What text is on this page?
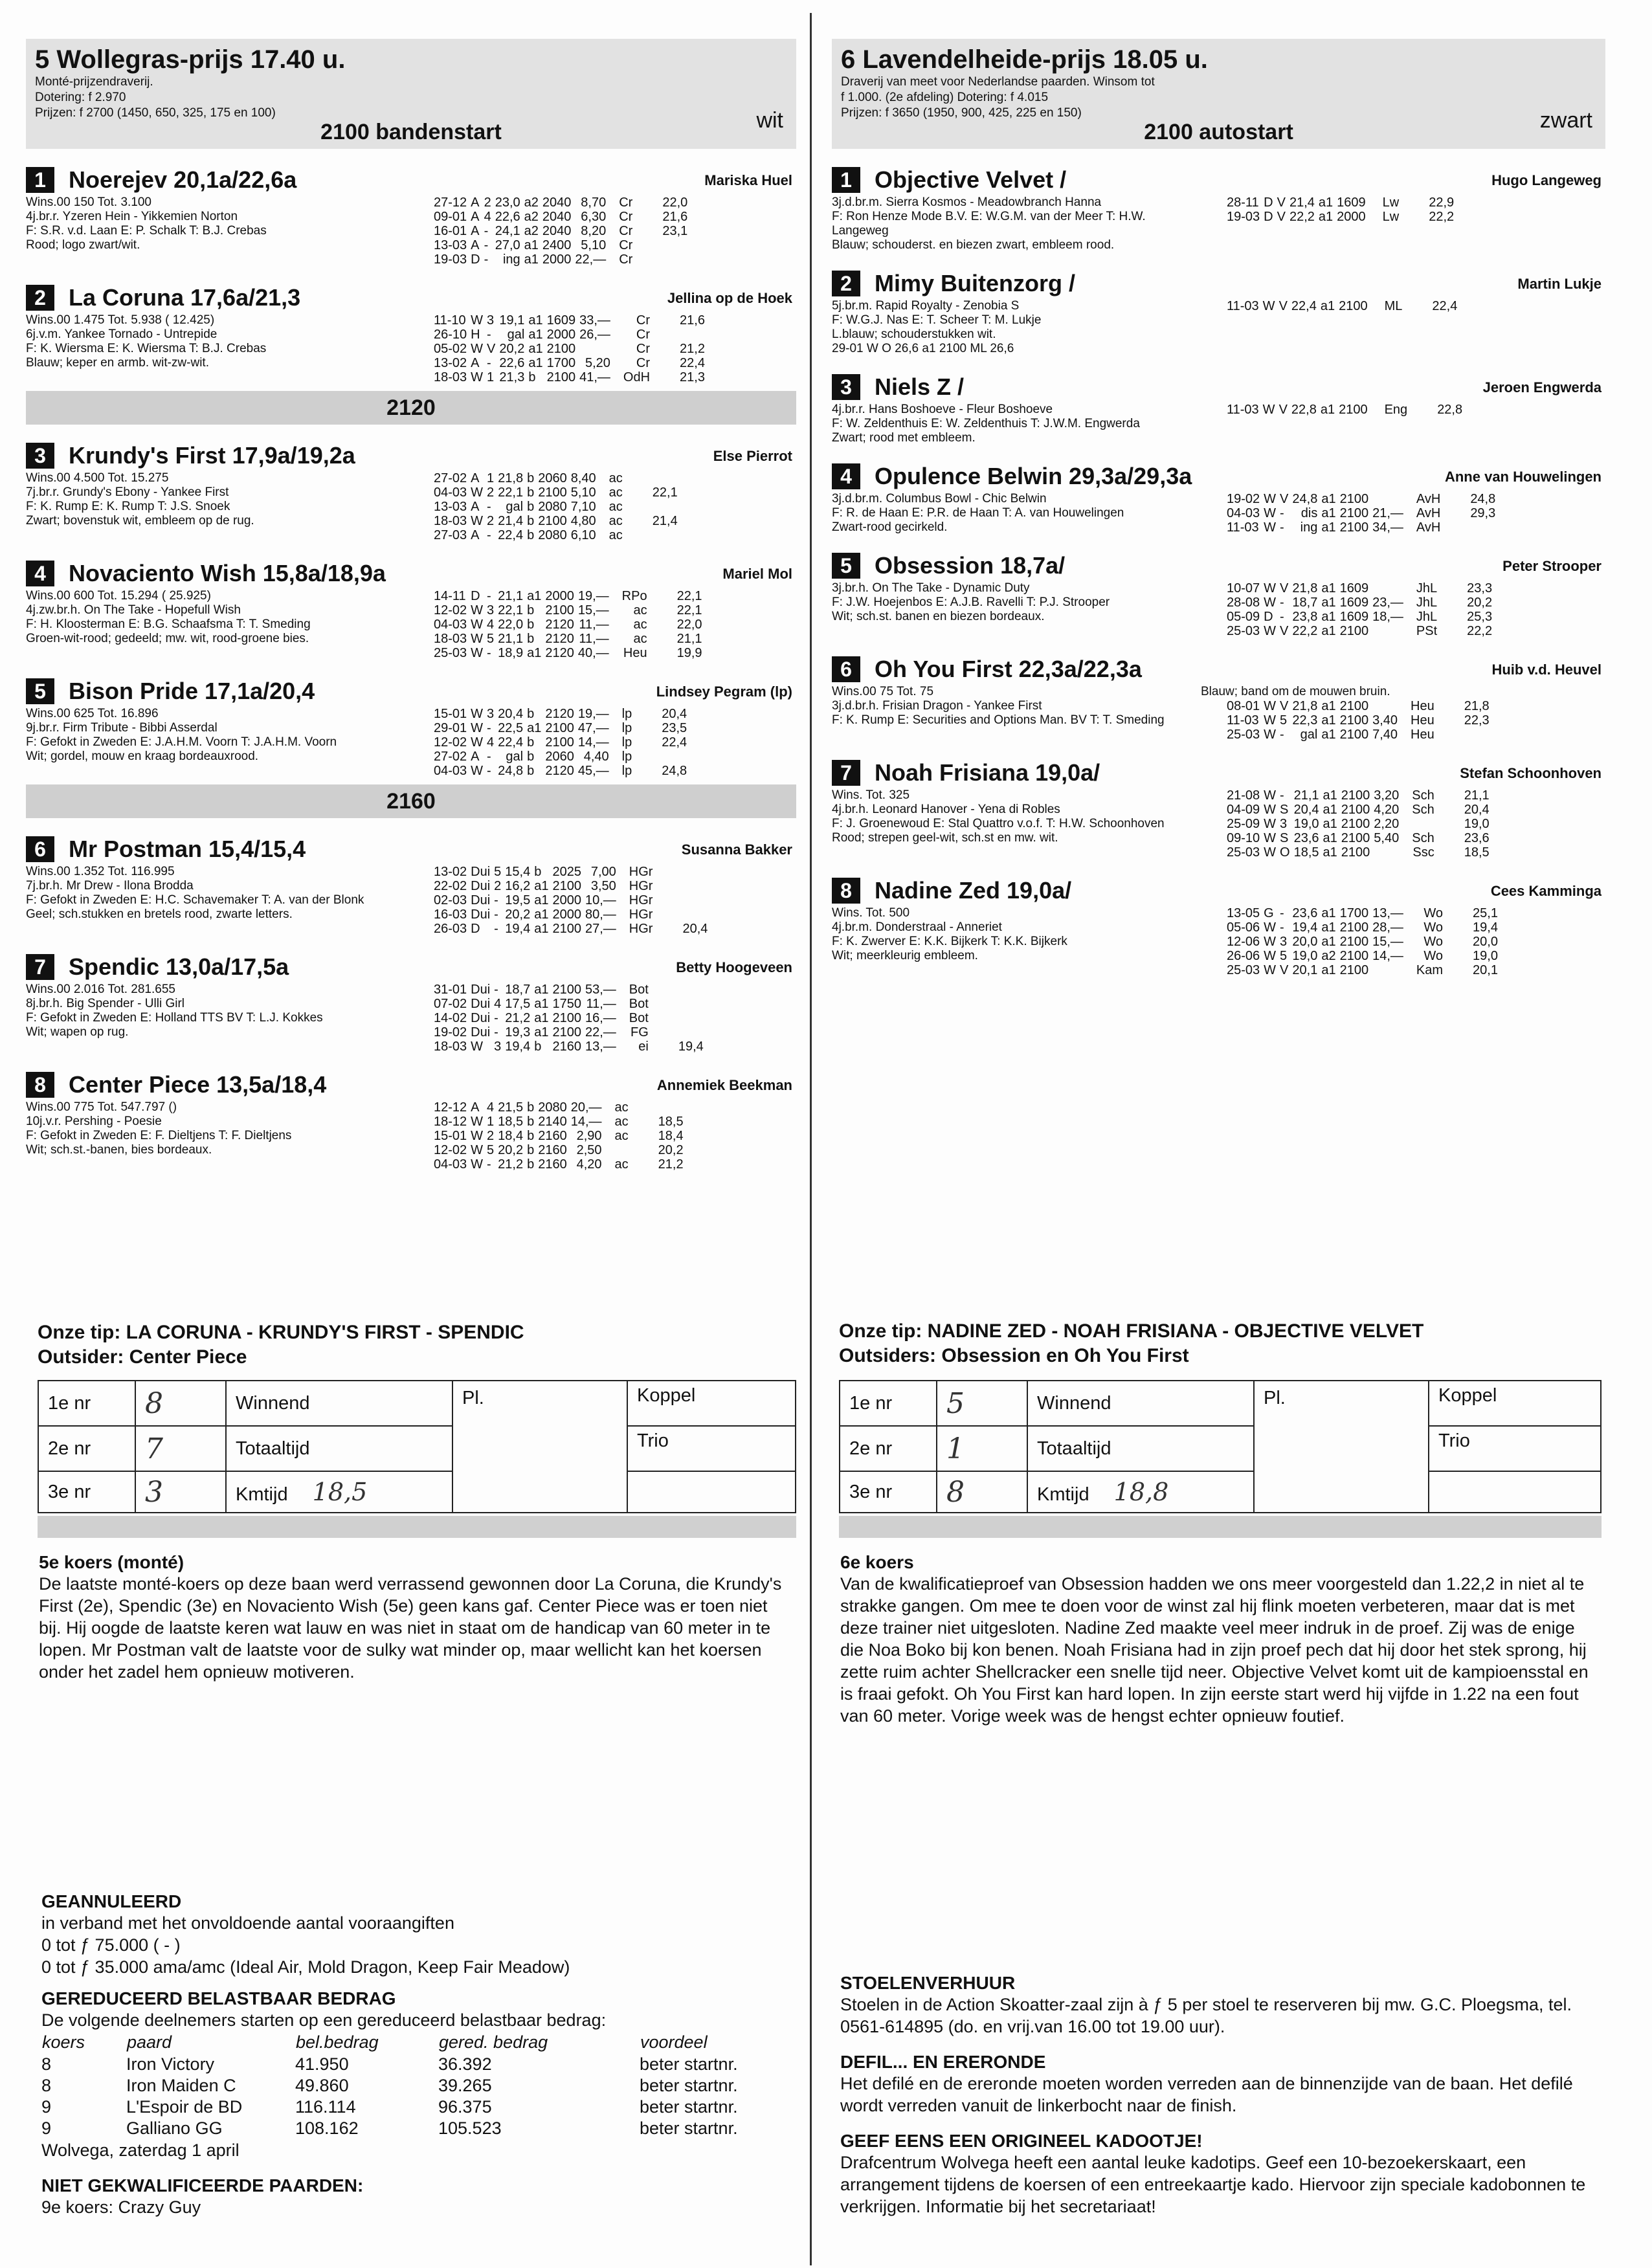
5 Wollegras-prijs 17.40 u.
Monté-prijzendraverij.
Dotering: f 2.970
Prijzen: f 2700 (1450, 650, 325, 175 en 100)
2100 bandenstart	wit
1 Noerejev 20,1a/22,6a	Mariska Huel
Wins.00 150 Tot. 3.100
4j.br.r. Yzeren Hein - Yikkemien Norton
F: S.R. v.d. Laan E: P. Schalk T: B.J. Crebas
Rood; logo zwart/wit.
27-12	A	2	23,0	a2	2040	8,70	Cr	22,0
09-01	A	4	22,6	a2	2040	6,30	Cr	21,6
16-01	A	-	24,1	a2	2040	8,20	Cr	23,1
13-03	A	-	27,0	a1	2400	5,10	Cr	
19-03	D	-	ing	a1	2000	22,—	Cr	
2 La Coruna 17,6a/21,3	Jellina op de Hoek
Wins.00 1.475 Tot. 5.938 ( 12.425)
6j.v.m. Yankee Tornado - Untrepide
F: K. Wiersma E: K. Wiersma T: B.J. Crebas
Blauw; keper en armb. wit-zw-wit.
11-10	W	3	19,1	a1	1609	33,—	Cr	21,6
26-10	H	-	gal	a1	2000	26,—	Cr	
05-02	W	V	20,2	a1	2100		Cr	21,2
13-02	A	-	22,6	a1	1700	5,20	Cr	22,4
18-03	W	1	21,3	b	2100	41,—	OdH	21,3
2120
3 Krundy's First 17,9a/19,2a	Else Pierrot
Wins.00 4.500 Tot. 15.275
7j.br.r. Grundy's Ebony - Yankee First
F: K. Rump E: K. Rump T: J.S. Snoek
Zwart; bovenstuk wit, embleem op de rug.
27-02	A	1	21,8	b	2060	8,40	ac	
04-03	W	2	22,1	b	2100	5,10	ac	22,1
13-03	A	-	gal	b	2080	7,10	ac	
18-03	W	2	21,4	b	2100	4,80	ac	21,4
27-03	A	-	22,4	b	2080	6,10	ac	
4 Novaciento Wish 15,8a/18,9a	Mariel Mol
Wins.00 600 Tot. 15.294 ( 25.925)
4j.zw.br.h. On The Take - Hopefull Wish
F: H. Kloosterman E: B.G. Schaafsma T: T. Smeding
Groen-wit-rood; gedeeld; mw. wit, rood-groene bies.
14-11	D	-	21,1	a1	2000	19,—	RPo	22,1
12-02	W	3	22,1	b	2100	15,—	ac	22,1
04-03	W	4	22,0	b	2120	11,—	ac	22,0
18-03	W	5	21,1	b	2120	11,—	ac	21,1
25-03	W	-	18,9	a1	2120	40,—	Heu	19,9
5 Bison Pride 17,1a/20,4	Lindsey Pegram (lp)
Wins.00 625 Tot. 16.896
9j.br.r. Firm Tribute - Bibbi Asserdal
F: Gefokt in Zweden E: J.A.H.M. Voorn T: J.A.H.M. Voorn
Wit; gordel, mouw en kraag bordeauxrood.
15-01	W	3	20,4	b	2120	19,—	lp	20,4
29-01	W	-	22,5	a1	2100	47,—	lp	23,5
12-02	W	4	22,4	b	2100	14,—	lp	22,4
27-02	A	-	gal	b	2060	4,40	lp	
04-03	W	-	24,8	b	2120	45,—	lp	24,8
2160
6 Mr Postman 15,4/15,4	Susanna Bakker
Wins.00 1.352 Tot. 116.995
7j.br.h. Mr Drew - Ilona Brodda
F: Gefokt in Zweden E: H.C. Schavemaker T: A. van der Blonk
Geel; sch.stukken en bretels rood, zwarte letters.
13-02	Dui	5	15,4	b	2025	7,00	HGr	
22-02	Dui	2	16,2	a1	2100	3,50	HGr	
02-03	Dui	-	19,5	a1	2000	10,—	HGr	
16-03	Dui	-	20,2	a1	2000	80,—	HGr	
26-03	D	-	19,4	a1	2100	27,—	HGr	20,4
7 Spendic 13,0a/17,5a	Betty Hoogeveen
Wins.00 2.016 Tot. 281.655
8j.br.h. Big Spender - Ulli Girl
F: Gefokt in Zweden E: Holland TTS BV T: L.J. Kokkes
Wit; wapen op rug.
31-01	Dui	-	18,7	a1	2100	53,—	Bot	
07-02	Dui	4	17,5	a1	1750	11,—	Bot	
14-02	Dui	-	21,2	a1	2100	16,—	Bot	
19-02	Dui	-	19,3	a1	2100	22,—	FG	
18-03	W	3	19,4	b	2160	13,—	ei	19,4
8 Center Piece 13,5a/18,4	Annemiek Beekman
Wins.00 775 Tot. 547.797 ()
10j.v.r. Pershing - Poesie
F: Gefokt in Zweden E: F. Dieltjens T: F. Dieltjens
Wit; sch.st.-banen, bies bordeaux.
12-12	A	4	21,5	b	2080	20,—	ac	
18-12	W	1	18,5	b	2140	14,—	ac	18,5
15-01	W	2	18,4	b	2160	2,90	ac	18,4
12-02	W	5	20,2	b	2160	2,50		20,2
04-03	W	-	21,2	b	2160	4,20	ac	21,2
Onze tip: LA CORUNA - KRUNDY'S FIRST - SPENDIC
Outsider: Center Piece
1e nr	8	Winnend	Pl.	Koppel
2e nr	7	Totaaltijd		Trio
3e nr	3	Kmtijd 18,5		
5e koers (monté)
De laatste monté-koers op deze baan werd verrassend gewonnen door La Coruna, die Krundy's First (2e), Spendic (3e) en Novaciento Wish (5e) geen kans gaf. Center Piece was er toen niet bij. Hij oogde de laatste keren wat lauw en was niet in staat om de handicap van 60 meter in te lopen. Mr Postman valt de laatste voor de sulky wat minder op, maar wellicht kan het koersen onder het zadel hem opnieuw motiveren.
GEANNULEERD
in verband met het onvoldoende aantal vooraangiften
0 tot ƒ 75.000 ( - )
0 tot ƒ 35.000 ama/amc (Ideal Air, Mold Dragon, Keep Fair Meadow)
GEREDUCEERD BELASTBAAR BEDRAG
De volgende deelnemers starten op een gereduceerd belastbaar bedrag:
koers	paard	bel.bedrag	gered. bedrag	voordeel
8	Iron Victory	41.950	36.392	beter startnr.
8	Iron Maiden C	49.860	39.265	beter startnr.
9	L'Espoir de BD	116.114	96.375	beter startnr.
9	Galliano GG	108.162	105.523	beter startnr.
Wolvega, zaterdag 1 april
NIET GEKWALIFICEERDE PAARDEN:
9e koers: Crazy Guy
6 Lavendelheide-prijs 18.05 u.
Draverij van meet voor Nederlandse paarden. Winsom tot
f 1.000. (2e afdeling) Dotering: f 4.015
Prijzen: f 3650 (1950, 900, 425, 225 en 150)
2100 autostart	zwart
1 Objective Velvet /	Hugo Langeweg
3j.d.br.m. Sierra Kosmos - Meadowbranch Hanna
F: Ron Henze Mode B.V. E: W.G.M. van der Meer T: H.W. Langeweg
Blauw; schouderst. en biezen zwart, embleem rood.
28-11	D	V	21,4	a1	1609		Lw	22,9
19-03	D	V	22,2	a1	2000		Lw	22,2
2 Mimy Buitenzorg /	Martin Lukje
5j.br.m. Rapid Royalty - Zenobia S
F: W.G.J. Nas E: T. Scheer T: M. Lukje
L.blauw; schouderstukken wit.
29-01 W O 26,6 a1 2100 ML 26,6
11-03	W	V	22,4	a1	2100		ML	22,4
3 Niels Z /	Jeroen Engwerda
4j.br.r. Hans Boshoeve - Fleur Boshoeve
F: W. Zeldenthuis E: W. Zeldenthuis T: J.W.M. Engwerda
Zwart; rood met embleem.
11-03	W	V	22,8	a1	2100		Eng	22,8
4 Opulence Belwin 29,3a/29,3a	Anne van Houwelingen
3j.d.br.m. Columbus Bowl - Chic Belwin
F: R. de Haan E: P.R. de Haan T: A. van Houwelingen
Zwart-rood gecirkeld.
19-02	W	V	24,8	a1	2100		AvH	24,8
04-03	W	-	dis	a1	2100	21,—	AvH	29,3
11-03	W	-	ing	a1	2100	34,—	AvH	
5 Obsession 18,7a/	Peter Strooper
3j.br.h. On The Take - Dynamic Duty
F: J.W. Hoejenbos E: A.J.B. Ravelli T: P.J. Strooper
Wit; sch.st. banen en biezen bordeaux.
10-07	W	V	21,8	a1	1609		JhL	23,3
28-08	W	-	18,7	a1	1609	23,—	JhL	20,2
05-09	D	-	23,8	a1	1609	18,—	JhL	25,3
25-03	W	V	22,2	a1	2100		PSt	22,2
6 Oh You First 22,3a/22,3a	Huib v.d. Heuvel
Wins.00 75 Tot. 75
3j.d.br.h. Frisian Dragon - Yankee First
F: K. Rump E: Securities and Options Man. BV T: T. Smeding
Blauw; band om de mouwen bruin.
08-01	W	V	21,8	a1	2100		Heu	21,8
11-03	W	5	22,3	a1	2100	3,40	Heu	22,3
25-03	W	-	gal	a1	2100	7,40	Heu	
7 Noah Frisiana 19,0a/	Stefan Schoonhoven
Wins. Tot. 325
4j.br.h. Leonard Hanover - Yena di Robles
F: J. Groenewoud E: Stal Quattro v.o.f. T: H.W. Schoonhoven
Rood; strepen geel-wit, sch.st en mw. wit.
21-08	W	-	21,1	a1	2100	3,20	Sch	21,1
04-09	W	S	20,4	a1	2100	4,20	Sch	20,4
25-09	W	3	19,0	a1	2100	2,20		19,0
09-10	W	S	23,6	a1	2100	5,40	Sch	23,6
25-03	W	O	18,5	a1	2100		Ssc	18,5
8 Nadine Zed 19,0a/	Cees Kamminga
Wins. Tot. 500
4j.br.m. Donderstraal - Anneriet
F: K. Zwerver E: K.K. Bijkerk T: K.K. Bijkerk
Wit; meerkleurig embleem.
13-05	G	-	23,6	a1	1700	13,—	Wo	25,1
05-06	W	-	19,4	a1	2100	28,—	Wo	19,4
12-06	W	3	20,0	a1	2100	15,—	Wo	20,0
26-06	W	5	19,0	a2	2100	14,—	Wo	19,0
25-03	W	V	20,1	a1	2100		Kam	20,1
Onze tip: NADINE ZED - NOAH FRISIANA - OBJECTIVE VELVET
Outsiders: Obsession en Oh You First
1e nr	5	Winnend	Pl.	Koppel
2e nr	1	Totaaltijd		Trio
3e nr	8	Kmtijd 18,8		
6e koers
Van de kwalificatieproef van Obsession hadden we ons meer voorgesteld dan 1.22,2 in niet al te strakke gangen. Om mee te doen voor de winst zal hij flink moeten verbeteren, maar dat is met deze trainer niet uitgesloten. Nadine Zed maakte veel meer indruk in de proef. Zij was de enige die Noa Boko bij kon benen. Noah Frisiana had in zijn proef pech dat hij door het stek sprong, hij zette ruim achter Shellcracker een snelle tijd neer. Objective Velvet komt uit de kampioensstal en is fraai gefokt. Oh You First kan hard lopen. In zijn eerste start werd hij vijfde in 1.22 na een fout van 60 meter. Vorige week was de hengst echter opnieuw foutief.
STOELENVERHUUR
Stoelen in de Action Skoatter-zaal zijn à ƒ 5 per stoel te reserveren bij mw. G.C. Ploegsma, tel. 0561-614895 (do. en vrij.van 16.00 tot 19.00 uur).
DEFIL... EN ERERONDE
Het defilé en de ereronde moeten worden verreden aan de binnenzijde van de baan. Het defilé wordt verreden vanuit de linkerbocht naar de finish.
GEEF EENS EEN ORIGINEEL KADOOTJE!
Drafcentrum Wolvega heeft een aantal leuke kadotips. Geef een 10-bezoekerskaart, een arrangement tijdens de koersen of een entreekaartje kado. Hiervoor zijn speciale kadobonnen te verkrijgen. Informatie bij het secretariaat!
